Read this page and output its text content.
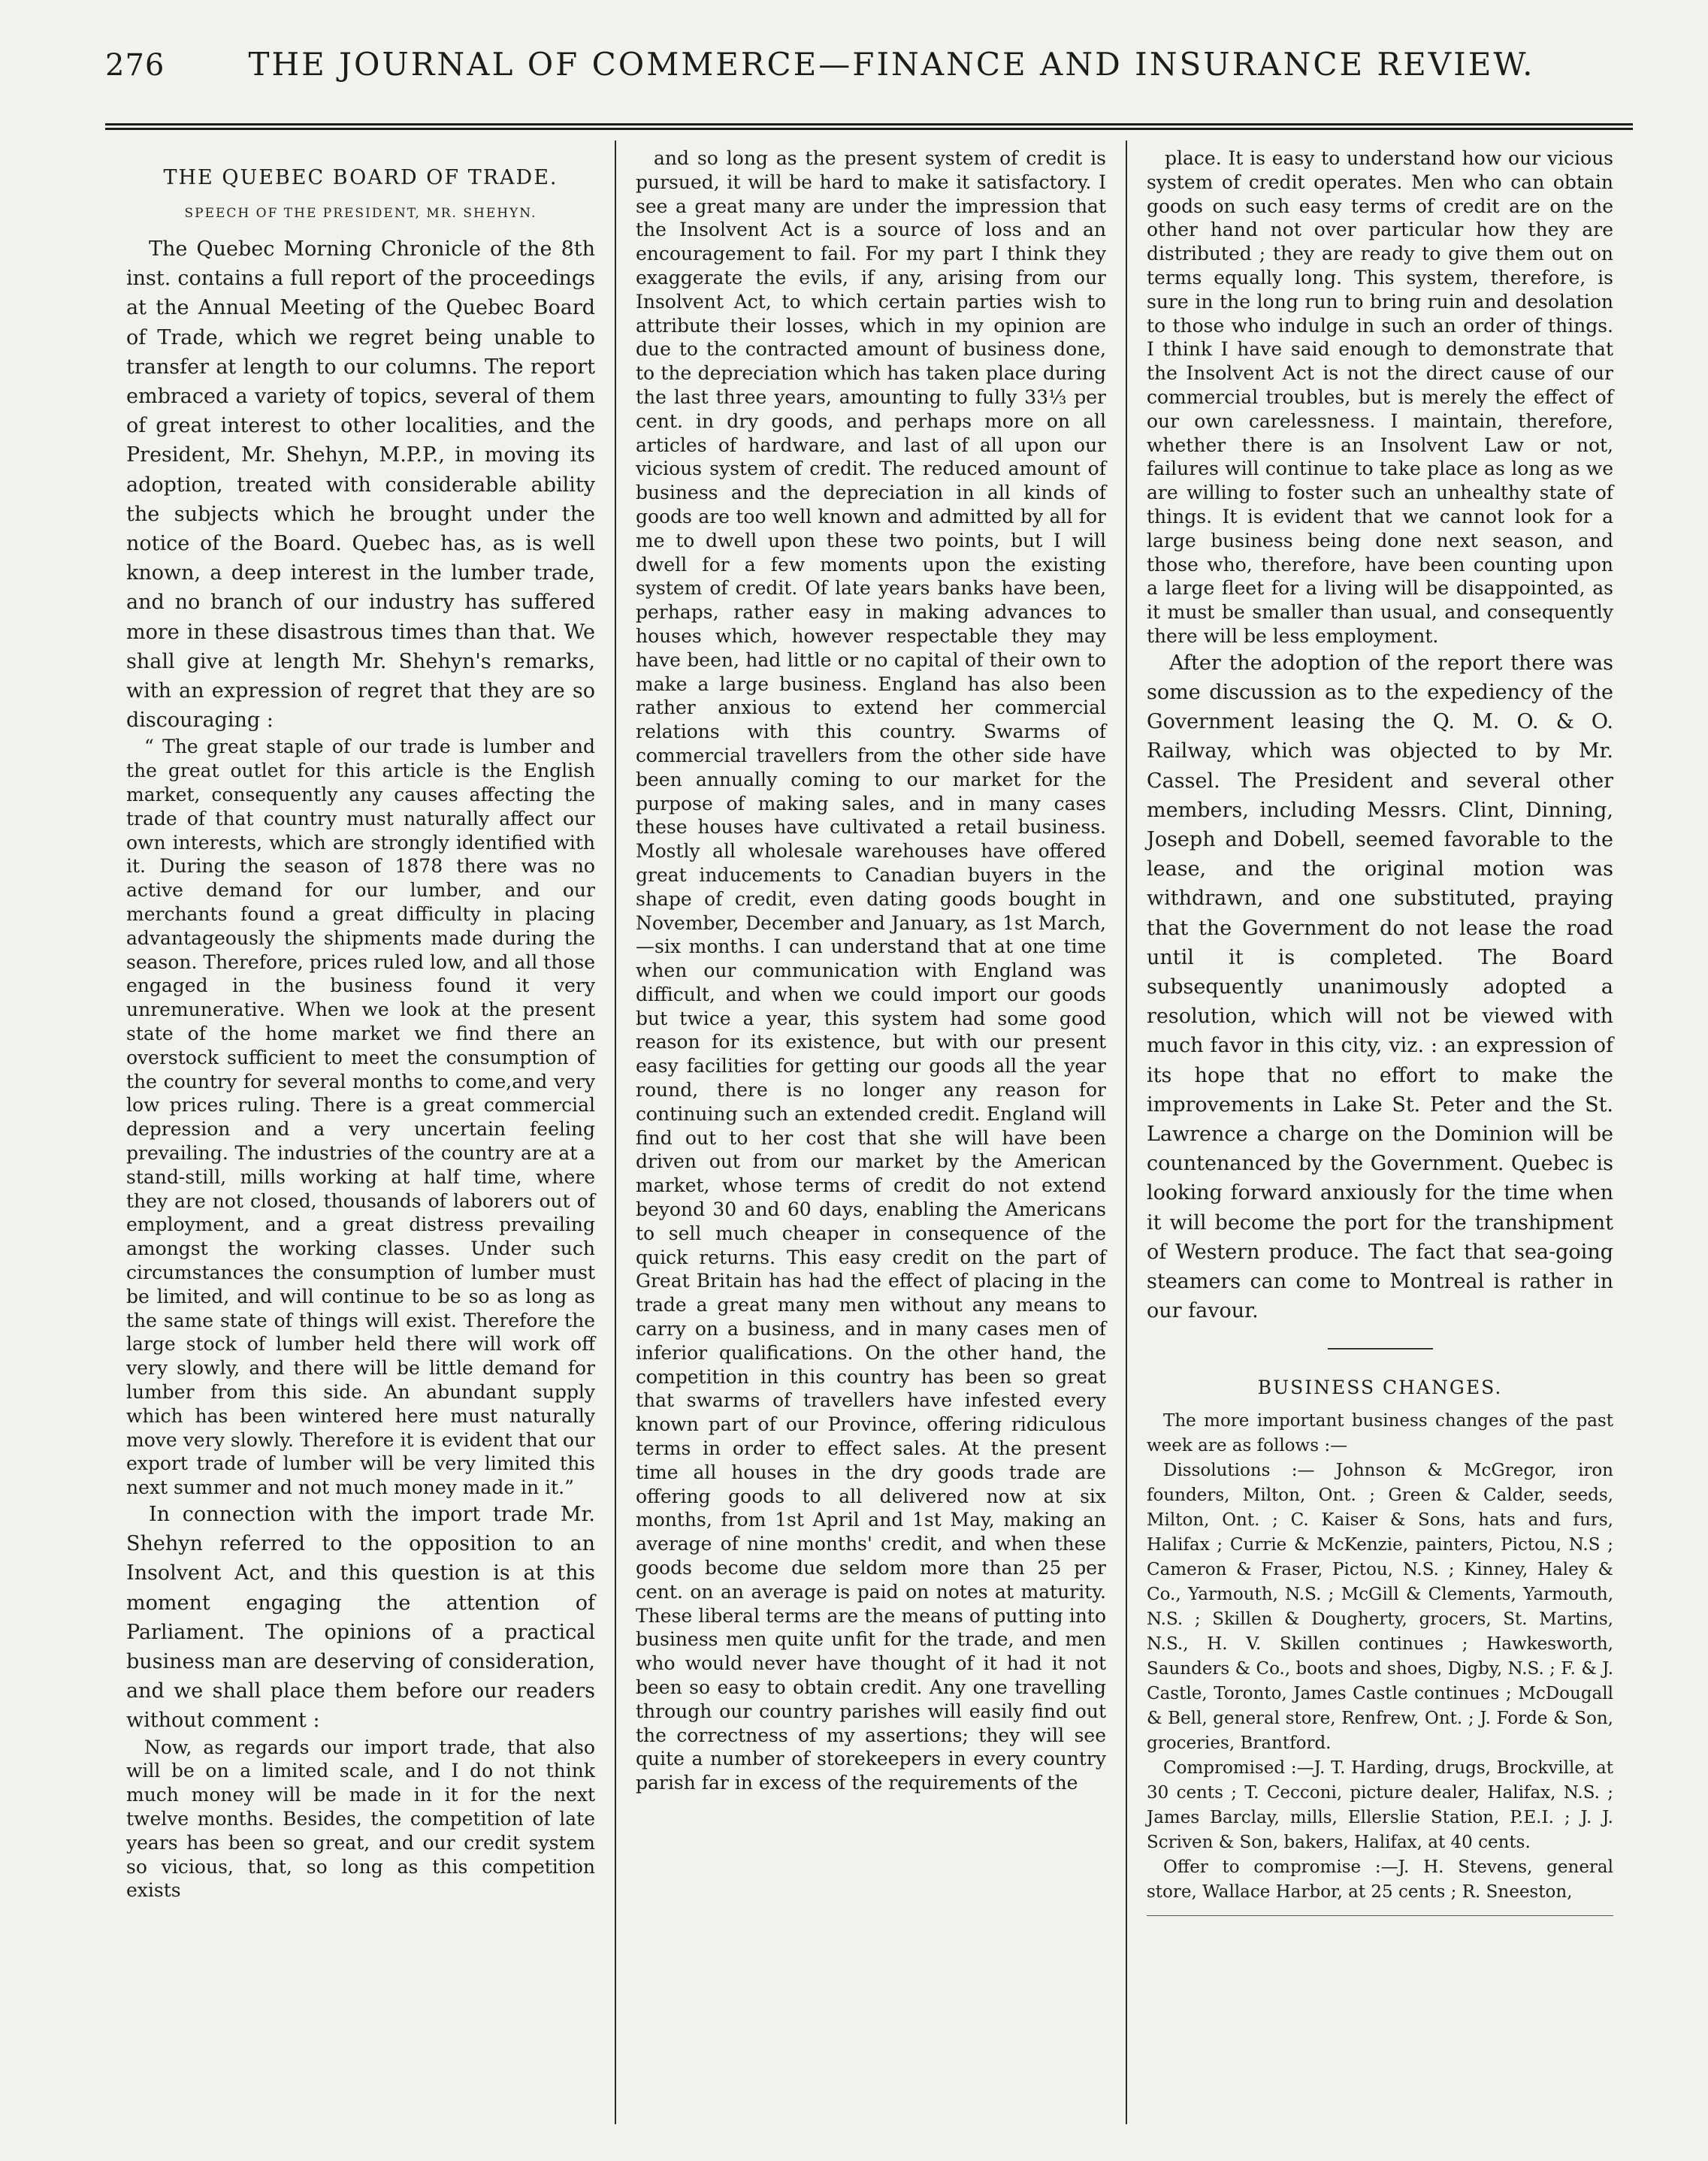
276	THE JOURNAL OF COMMERCE—FINANCE AND INSURANCE REVIEW.
THE QUEBEC BOARD OF TRADE.
SPEECH OF THE PRESIDENT, MR. SHEHYN.

The Quebec Morning Chronicle of the 8th inst. contains a full report of the proceedings at the Annual Meeting of the Quebec Board of Trade, which we regret being unable to transfer at length to our columns. The report embraced a variety of topics, several of them of great interest to other localities, and the President, Mr. Shehyn, M.P.P., in moving its adoption, treated with considerable ability the subjects which he brought under the notice of the Board. Quebec has, as is well known, a deep interest in the lumber trade, and no branch of our industry has suffered more in these disastrous times than that. We shall give at length Mr. Shehyn's remarks, with an expression of regret that they are so discouraging :

“ The great staple of our trade is lumber and the great outlet for this article is the English market, consequently any causes affecting the trade of that country must naturally affect our own interests, which are strongly identified with it. During the season of 1878 there was no active demand for our lumber, and our merchants found a great difficulty in placing advantageously the shipments made during the season. Therefore, prices ruled low, and all those engaged in the business found it very unremunerative. When we look at the present state of the home market we find there an overstock sufficient to meet the consumption of the country for several months to come,and very low prices ruling. There is a great commercial depression and a very uncertain feeling prevailing. The industries of the country are at a stand-still, mills working at half time, where they are not closed, thousands of laborers out of employment, and a great distress prevailing amongst the working classes. Under such circumstances the consumption of lumber must be limited, and will continue to be so as long as the same state of things will exist. Therefore the large stock of lumber held there will work off very slowly, and there will be little demand for lumber from this side. An abundant supply which has been wintered here must naturally move very slowly. Therefore it is evident that our export trade of lumber will be very limited this next summer and not much money made in it.”

In connection with the import trade Mr. Shehyn referred to the opposition to an Insolvent Act, and this question is at this moment engaging the attention of Parliament. The opinions of a practical business man are deserving of consideration, and we shall place them before our readers without comment :

Now, as regards our import trade, that also will be on a limited scale, and I do not think much money will be made in it for the next twelve months. Besides, the competition of late years has been so great, and our credit system so vicious, that, so long as this competition exists

and so long as the present system of credit is pursued, it will be hard to make it satisfactory. I see a great many are under the impression that the Insolvent Act is a source of loss and an encouragement to fail. For my part I think they exaggerate the evils, if any, arising from our Insolvent Act, to which certain parties wish to attribute their losses, which in my opinion are due to the contracted amount of business done, to the depreciation which has taken place during the last three years, amounting to fully 33⅓ per cent. in dry goods, and perhaps more on all articles of hardware, and last of all upon our vicious system of credit. The reduced amount of business and the depreciation in all kinds of goods are too well known and admitted by all for me to dwell upon these two points, but I will dwell for a few moments upon the existing system of credit. Of late years banks have been, perhaps, rather easy in making advances to houses which, however respectable they may have been, had little or no capital of their own to make a large business. England has also been rather anxious to extend her commercial relations with this country. Swarms of commercial travellers from the other side have been annually coming to our market for the purpose of making sales, and in many cases these houses have cultivated a retail business. Mostly all wholesale warehouses have offered great inducements to Canadian buyers in the shape of credit, even dating goods bought in November, December and January, as 1st March,—six months. I can understand that at one time when our communication with England was difficult, and when we could import our goods but twice a year, this system had some good reason for its existence, but with our present easy facilities for getting our goods all the year round, there is no longer any reason for continuing such an extended credit. England will find out to her cost that she will have been driven out from our market by the American market, whose terms of credit do not extend beyond 30 and 60 days, enabling the Americans to sell much cheaper in consequence of the quick returns. This easy credit on the part of Great Britain has had the effect of placing in the trade a great many men without any means to carry on a business, and in many cases men of inferior qualifications. On the other hand, the competition in this country has been so great that swarms of travellers have infested every known part of our Province, offering ridiculous terms in order to effect sales. At the present time all houses in the dry goods trade are offering goods to all delivered now at six months, from 1st April and 1st May, making an average of nine months' credit, and when these goods become due seldom more than 25 per cent. on an average is paid on notes at maturity. These liberal terms are the means of putting into business men quite unfit for the trade, and men who would never have thought of it had it not been so easy to obtain credit. Any one travelling through our country parishes will easily find out the correctness of my assertions; they will see quite a number of storekeepers in every country parish far in excess of the requirements of the

place. It is easy to understand how our vicious system of credit operates. Men who can obtain goods on such easy terms of credit are on the other hand not over particular how they are distributed ; they are ready to give them out on terms equally long. This system, therefore, is sure in the long run to bring ruin and desolation to those who indulge in such an order of things. I think I have said enough to demonstrate that the Insolvent Act is not the direct cause of our commercial troubles, but is merely the effect of our own carelessness. I maintain, therefore, whether there is an Insolvent Law or not, failures will continue to take place as long as we are willing to foster such an unhealthy state of things. It is evident that we cannot look for a large business being done next season, and those who, therefore, have been counting upon a large fleet for a living will be disappointed, as it must be smaller than usual, and consequently there will be less employment.

After the adoption of the report there was some discussion as to the expediency of the Government leasing the Q. M. O. & O. Railway, which was objected to by Mr. Cassel. The President and several other members, including Messrs. Clint, Dinning, Joseph and Dobell, seemed favorable to the lease, and the original motion was withdrawn, and one substituted, praying that the Government do not lease the road until it is completed. The Board subsequently unanimously adopted a resolution, which will not be viewed with much favor in this city, viz. : an expression of its hope that no effort to make the improvements in Lake St. Peter and the St. Lawrence a charge on the Dominion will be countenanced by the Government. Quebec is looking forward anxiously for the time when it will become the port for the transhipment of Western produce. The fact that sea-going steamers can come to Montreal is rather in our favour.

BUSINESS CHANGES.

The more important business changes of the past week are as follows :—

Dissolutions :— Johnson & McGregor, iron founders, Milton, Ont. ; Green & Calder, seeds, Milton, Ont. ; C. Kaiser & Sons, hats and furs, Halifax ; Currie & McKenzie, painters, Pictou, N.S ; Cameron & Fraser, Pictou, N.S. ; Kinney, Haley & Co., Yarmouth, N.S. ; McGill & Clements, Yarmouth, N.S. ; Skillen & Dougherty, grocers, St. Martins, N.S., H. V. Skillen continues ; Hawkesworth, Saunders & Co., boots and shoes, Digby, N.S. ; F. & J. Castle, Toronto, James Castle continues ; McDougall & Bell, general store, Renfrew, Ont. ; J. Forde & Son, groceries, Brantford.

Compromised :—J. T. Harding, drugs, Brockville, at 30 cents ; T. Cecconi, picture dealer, Halifax, N.S. ; James Barclay, mills, Ellerslie Station, P.E.I. ; J. J. Scriven & Son, bakers, Halifax, at 40 cents.

Offer to compromise :—J. H. Stevens, general store, Wallace Harbor, at 25 cents ; R. Sneeston,
